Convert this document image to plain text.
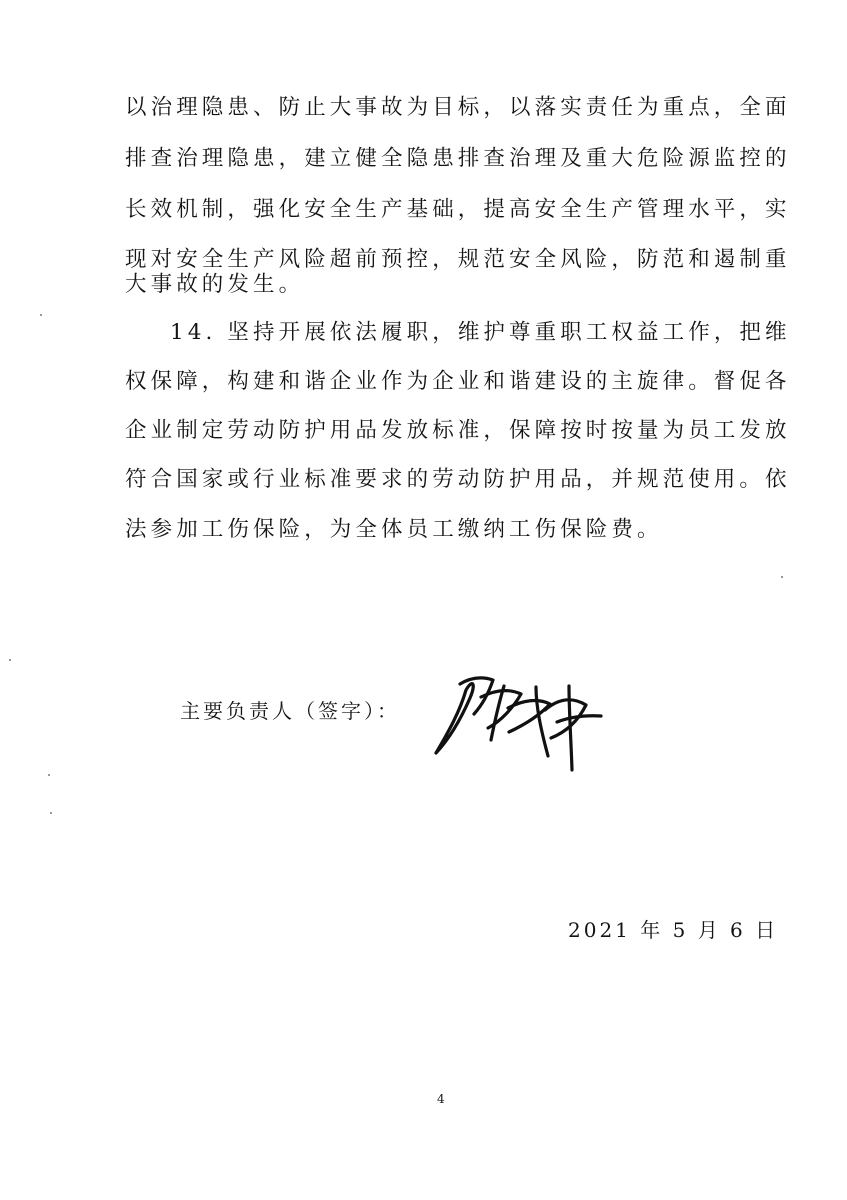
以治理隐患、防止大事故为目标，以落实责任为重点，全面
排查治理隐患，建立健全隐患排查治理及重大危险源监控的
长效机制，强化安全生产基础，提高安全生产管理水平，实
现对安全生产风险超前预控，规范安全风险，防范和遏制重
大事故的发生。
14. 坚持开展依法履职，维护尊重职工权益工作，把维
权保障，构建和谐企业作为企业和谐建设的主旋律。督促各
企业制定劳动防护用品发放标准，保障按时按量为员工发放
符合国家或行业标准要求的劳动防护用品，并规范使用。依
法参加工伤保险，为全体员工缴纳工伤保险费。
主要负责人（签字）：
2021 年 5 月 6 日
4
